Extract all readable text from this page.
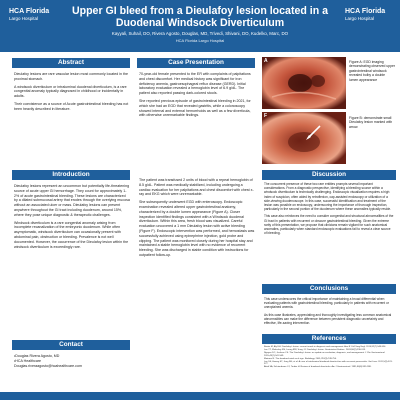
HCA Florida
Largo Hospital
Upper GI bleed from a Dieulafoy lesion located in a
Duodenal Windsock Diverticulum
Kayyali, Suhail, DO, Rivera Agosto, Douglas, MD, Trivedi, Shivani, DO, Kudelko, Marc, DO
HCA Florida Largo Hospital
HCA Florida
Largo Hospital
Abstract

Dieulafoy lesions are rare vascular lesion most commonly located in the proximal stomach.

A windsock diverticulum or intraluminal duodenal diverticulum, is a rare congenital anomaly typically diagnosed in childhood or incidentally in adults.

Their coexistence as a source of Acute gastrointestinal bleeding has not been heavily described in literature.

Case Presentation

70-year-old female presented to the ER with complaints of palpitations and chest discomfort. Her medical history was significant for iron deficiency anemia, gastroesophageal reflux disease (GERD). Initial laboratory evaluation revealed a hemoglobin level of 6.9 g/dL. The patient also reported passing dark-colored stools.

She reported previous episode of gastrointestinal bleeding in 2021, for which she had an EGD that revealed gastritis, while a colonoscopy showed internal and external hemorrhoids as well as a few diverticula, with otherwise unremarkable findings.

A	Figure A: EGD imaging demonstrating observed upper gastrointestinal windsock revealed bolby a double lumen appearance
F	Figure B: demonstrate small Dieulafoy lesion marked with arrow.
Introduction

Dieulafoy lesions represent an uncommon but potentially life-threatening source of acute upper GI hemorrhage. They count for approximately 1-2% of acute gastrointestinal bleeding. These lesions are characterized by a dilated submucosal artery that erodes through the overlying mucosa without an associated ulcer or mass. Dieulafoy lesions can present anywhere throughout the GI tract including duodenum, around 15%, where they pose unique diagnostic & therapeutic challenges.

Windsock diverticulum is a rare congenital anomaly arising from incomplete recanalization of the embryonic duodenum. While often asymptomatic, windsock diverticulum can occasionally present with abdominal pain, obstruction or bleeding. Prevalence is not well documented. However, the occurrence of the Dieulafoy lesion within the windsock diverticulum is exceedingly rare.

The patient was transfused 2 units of blood with a repeat hemoglobin of 8.5 g/dL. Patient was medically stabilized, including undergoing a cardiac evaluation for her palpitations and chest discomfort with chest x-ray and EKG which were unremarkable.

She subsequently underwent EGD with enteroscopy. Endoscopic examination revealed altered upper gastrointestinal anatomy, characterized by a double lumen appearance (Figure A). Closer inspection identified findings consistent with a Windsock duodenal diverticulum. Within this area, fresh blood was visualized. Careful evaluation uncovered a 1 mm Dieulafoy lesion with active bleeding (Figure F). Endoscopic intervention was performed, and hemostasis was successfully achieved using epinephrine injection, gold probe and clipping. The patient was monitored closely during her hospital stay and maintained a stable hemoglobin level with no evidence of recurrent bleeding. She was discharged in stable condition with instructions for outpatient follow-up.

Discussion

The concurrent presence of these two rare entities prompts several important considerations. From a diagnostic perspective, identifying a bleeding source within a windsock diverticulum is technically challenging. Endoscopic visualization requires a high index of suspicion, often aided by retroflexion, cap-assisted endoscopy or utilization of a side-viewing duodenoscope. In this case, successful identification and treatment of the lesion was possible on endoscopy, underscoring the importance of thorough inspection, particularly in the second portion of the duodenum where these anomalies typically reside.

This case also reinforces the need to consider congenital and structural abnormalities of the GI tract in patients with recurrent or obscure gastrointestinal bleeding. Given the extreme rarity of this presentation, we propose that clinicians remain vigilant for such anatomical anomalies, particularly when standard endoscopic evaluations fail to reveal a clear source of bleeding.

Conclusions

This case underscores the critical importance of maintaining a broad differential when evaluating patients with gastrointestinal bleeding, particularly in patients with recurrent or unexplained anemia.

As this case illustrates, appreciating and thoroughly investigating less common anatomical abnormalities can make the difference between persistent diagnostic uncertainty and effective, life-saving intervention.

References
Baxter M, Aly EH. Dieulafoy's lesion: current trends in diagnosis and management. Ann R Coll Surg Engl. 2010;92(7):548-554.
Lee YT, Walmsley RS, Leong RW, Sung JJ. Dieulafoy's lesion. Gastrointest Endosc. 2003;58(2):236-243.
Nguyen DC, Jackson CS. The Dieulafoy's lesion: an update on evaluation, diagnosis, and management. J Clin Gastroenterol. 2015;49(7):541-549.
Materne R. The duodenal wind sock sign. Radiology. 2001;218(3):749-750.
Lee SS, Hwang ST, Jang NG, et al. A case of intraluminal duodenal diverticulum with recurrent pancreatitis. Gut Liver. 2011;5(3):374-377.
Afridi SA, Fichtenbaum CJ, Taubin H. Review of duodenal diverticula. Am J Gastroenterol. 1991;86(8):935-938.
Contact
•Douglas Rivera Agosto, MD
•HCA Healthcare
Douglas.riveraagosto@hcahealthcare.com
